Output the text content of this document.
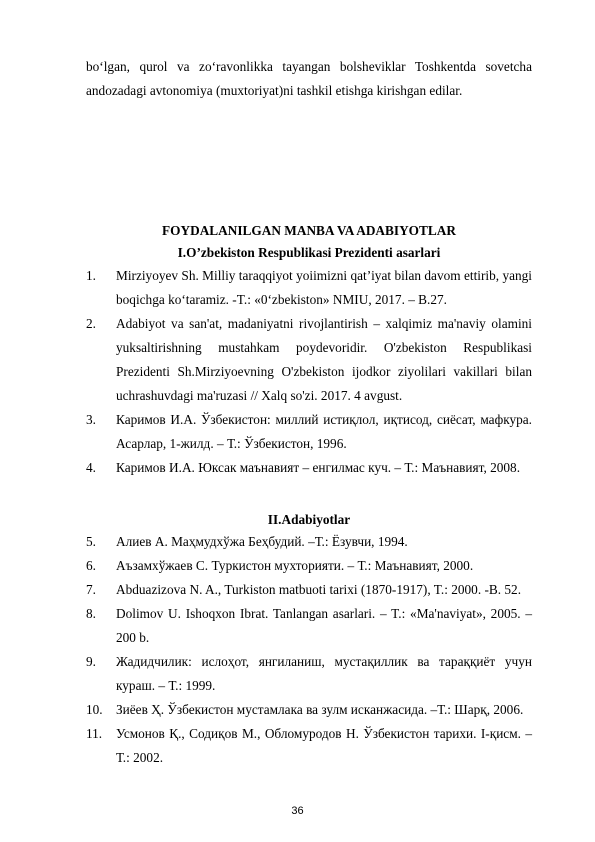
bo‘lgan, qurol va zo‘ravonlikka tayangan bolsheviklar Toshkentda sovetcha andozadagi avtonomiya (muxtoriyat)ni tashkil etishga kirishgan edilar.

FOYDALANILGAN MANBA VA ADABIYOTLAR
I.O’zbekiston Respublikasi Prezidenti asarlari
1. Mirziyoyev Sh. Milliy taraqqiyot yoiimizni qat’iyat bilan davom ettirib, yangi boqichga ko‘taramiz. -T.: «0‘zbekiston» NMIU, 2017. – B.27.
2. Adabiyot va san'at, madaniyatni rivojlantirish – xalqimiz ma'naviy olamini yuksaltirishning mustahkam poydevoridir. O'zbekiston Respublikasi Prezidenti Sh.Mirziyoevning O'zbekiston ijodkor ziyolilari vakillari bilan uchrashuvdagi ma'ruzasi // Xalq so'zi. 2017. 4 avgust.
3. Каримов И.А. Ўзбекистон: миллий истиқлол, иқтисод, сиёсат, мафкура. Асарлар, 1-жилд. – Т.: Ўзбекистон, 1996.
4. Каримов И.А. Юксак маънавият – енгилмас куч. – Т.: Маънавият, 2008.
II.Adabiyotlar
5. Алиев А. Маҳмудхўжа Беҳбудий. –Т.: Ёзувчи, 1994.
6. Аъзамхўжаев С. Туркистон мухторияти. – Т.: Маънавият, 2000.
7. Abduazizova N. A., Turkiston matbuoti tarixi (1870-1917), T.: 2000. -B. 52.
8. Dolimov U. Ishoqxon Ibrat. Tanlangan asarlari. – T.: «Ma'naviyat», 2005. – 200 b.
9. Жадидчилик: ислоҳот, янгиланиш, мустақиллик ва тараққиёт учун кураш. – Т.: 1999.
10. Зиёев Ҳ. Ўзбекистон мустамлака ва зулм исканжасида. –Т.: Шарқ, 2006.
11. Усмонов Қ., Содиқов М., Обломуродов Н. Ўзбекистон тарихи. I-қисм. – Т.: 2002.
36
